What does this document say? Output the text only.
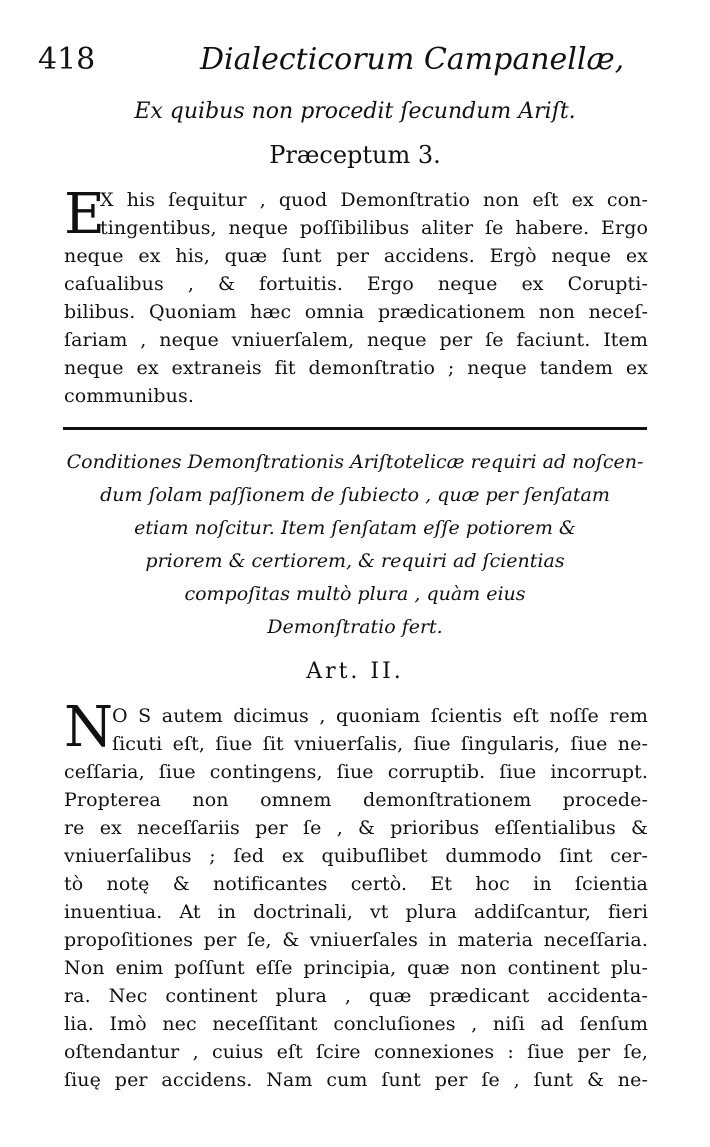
418	Dialecticorum Campanellæ,
Ex quibus non procedit ſecundum Ariſt.
Præceptum 3.
E
X his ſequitur , quod Demonſtratio non eſt ex con-
tingentibus, neque poſſibilibus aliter ſe habere. Ergo
neque ex his, quæ ſunt per accidens. Ergò neque ex
caſualibus , & fortuitis. Ergo neque ex Corupti-
bilibus. Quoniam hæc omnia prædicationem non neceſ-
ſariam , neque vniuerſalem, neque per ſe faciunt. Item
neque ex extraneis fit demonſtratio ; neque tandem ex
communibus.
Conditiones Demonſtrationis Ariſtotelicæ requiri ad noſcen-
dum ſolam paſſionem de ſubiecto , quæ per ſenſatam
etiam noſcitur. Item ſenſatam eſſe potiorem &
priorem & certiorem, & requiri ad ſcientias
compoſitas multò plura , quàm eius
Demonſtratio fert.
Art. II.
N O S autem dicimus , quoniam ſcientis eſt noſſe rem
ſicuti eſt, ſiue ſit vniuerſalis, ſiue ſingularis, ſiue ne-
ceſſaria, ſiue contingens, ſiue corruptib. ſiue incorrupt.
Propterea non omnem demonſtrationem procede-
re ex neceſſariis per ſe , & prioribus eſſentialibus &
vniuerſalibus ; ſed ex quibuſlibet dummodo ſint cer-
tò notę & notificantes certò. Et hoc in ſcientia
inuentiua. At in doctrinali, vt plura addiſcantur, fieri
propoſitiones per ſe, & vniuerſales in materia neceſſaria.
Non enim poſſunt eſſe principia, quæ non continent plu-
ra. Nec continent plura , quæ prædicant accidenta-
lia. Imò nec neceſſitant concluſiones , niſi ad ſenſum
oſtendantur , cuius eſt ſcire connexiones : ſiue per ſe,
ſiuę per accidens. Nam cum ſunt per ſe , ſunt & ne-
